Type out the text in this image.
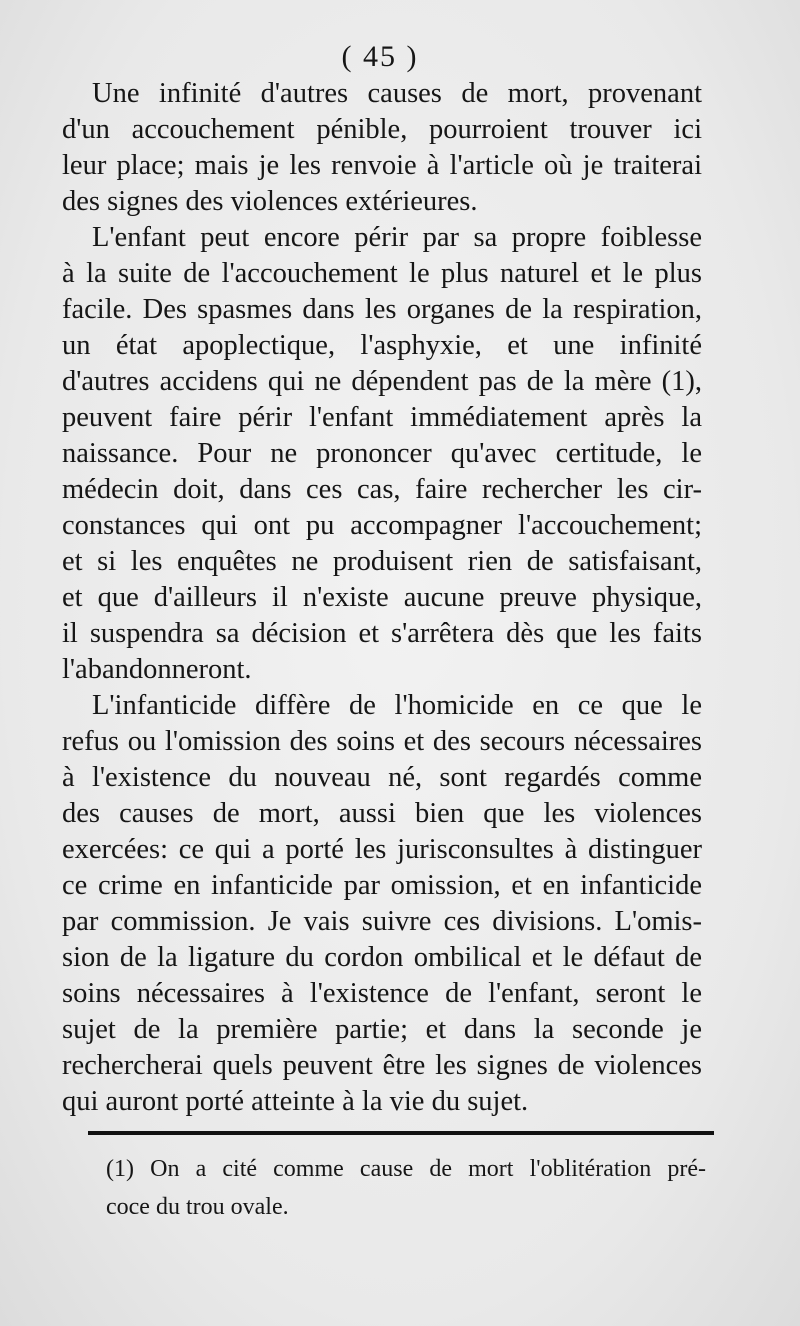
( 45 )
Une infinité d'autres causes de mort, provenant
d'un accouchement pénible, pourroient trouver ici
leur place; mais je les renvoie à l'article où je traiterai
des signes des violences extérieures.
L'enfant peut encore périr par sa propre foiblesse
à la suite de l'accouchement le plus naturel et le plus
facile. Des spasmes dans les organes de la respiration,
un état apoplectique, l'asphyxie, et une infinité
d'autres accidens qui ne dépendent pas de la mère (1),
peuvent faire périr l'enfant immédiatement après la
naissance. Pour ne prononcer qu'avec certitude, le
médecin doit, dans ces cas, faire rechercher les cir-
constances qui ont pu accompagner l'accouchement;
et si les enquêtes ne produisent rien de satisfaisant,
et que d'ailleurs il n'existe aucune preuve physique,
il suspendra sa décision et s'arrêtera dès que les faits
l'abandonneront.
L'infanticide diffère de l'homicide en ce que le
refus ou l'omission des soins et des secours nécessaires
à l'existence du nouveau né, sont regardés comme
des causes de mort, aussi bien que les violences
exercées: ce qui a porté les jurisconsultes à distinguer
ce crime en infanticide par omission, et en infanticide
par commission. Je vais suivre ces divisions. L'omis-
sion de la ligature du cordon ombilical et le défaut de
soins nécessaires à l'existence de l'enfant, seront le
sujet de la première partie; et dans la seconde je
rechercherai quels peuvent être les signes de violences
qui auront porté atteinte à la vie du sujet.
(1) On a cité comme cause de mort l'oblitération pré-
coce du trou ovale.
